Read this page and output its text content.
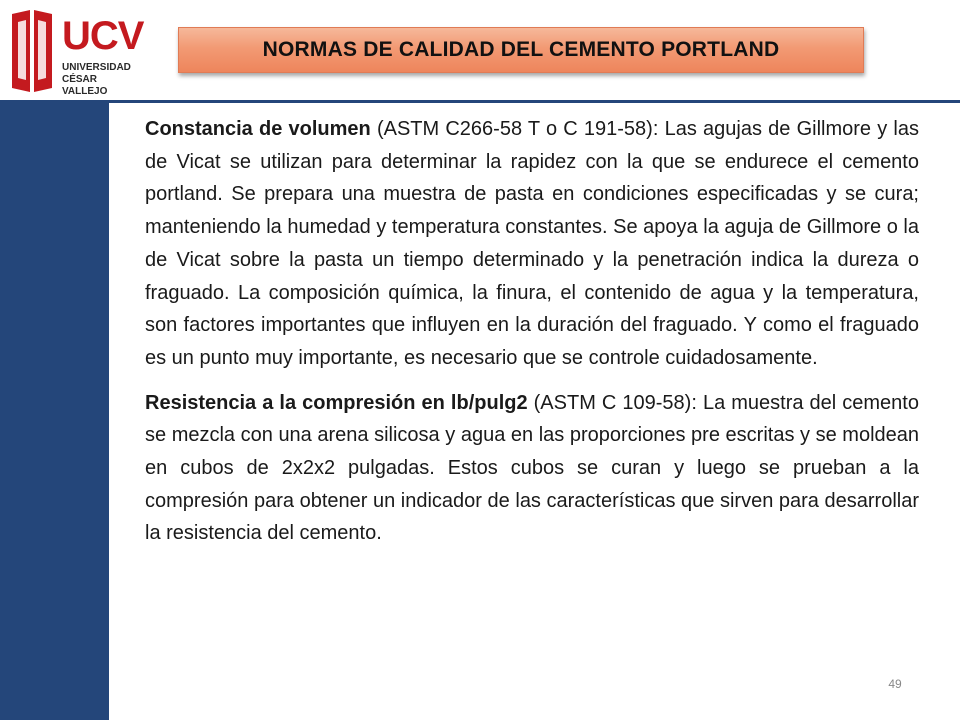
UCV
UNIVERSIDAD
CÉSAR VALLEJO
NORMAS DE CALIDAD DEL CEMENTO PORTLAND

Constancia de volumen (ASTM C266-58 T o C 191-58): Las agujas de Gillmore y las de Vicat se utilizan para determinar la rapidez con la que se endurece el cemento portland. Se prepara una muestra de pasta en condiciones especificadas y se cura; manteniendo la humedad y temperatura constantes. Se apoya la aguja de Gillmore o la de Vicat sobre la pasta un tiempo determinado y la penetración indica la dureza o fraguado. La composición química, la finura, el contenido de agua y la temperatura, son factores importantes que influyen en la duración del fraguado. Y como el fraguado es un punto muy importante, es necesario que se controle cuidadosamente.

Resistencia a la compresión en lb/pulg2 (ASTM C 109-58): La muestra del cemento se mezcla con una arena silicosa y agua en las proporciones pre escritas y se moldean en cubos de 2x2x2 pulgadas. Estos cubos se curan y luego se prueban a la compresión para obtener un indicador de las características que sirven para desarrollar la resistencia del cemento.

49
